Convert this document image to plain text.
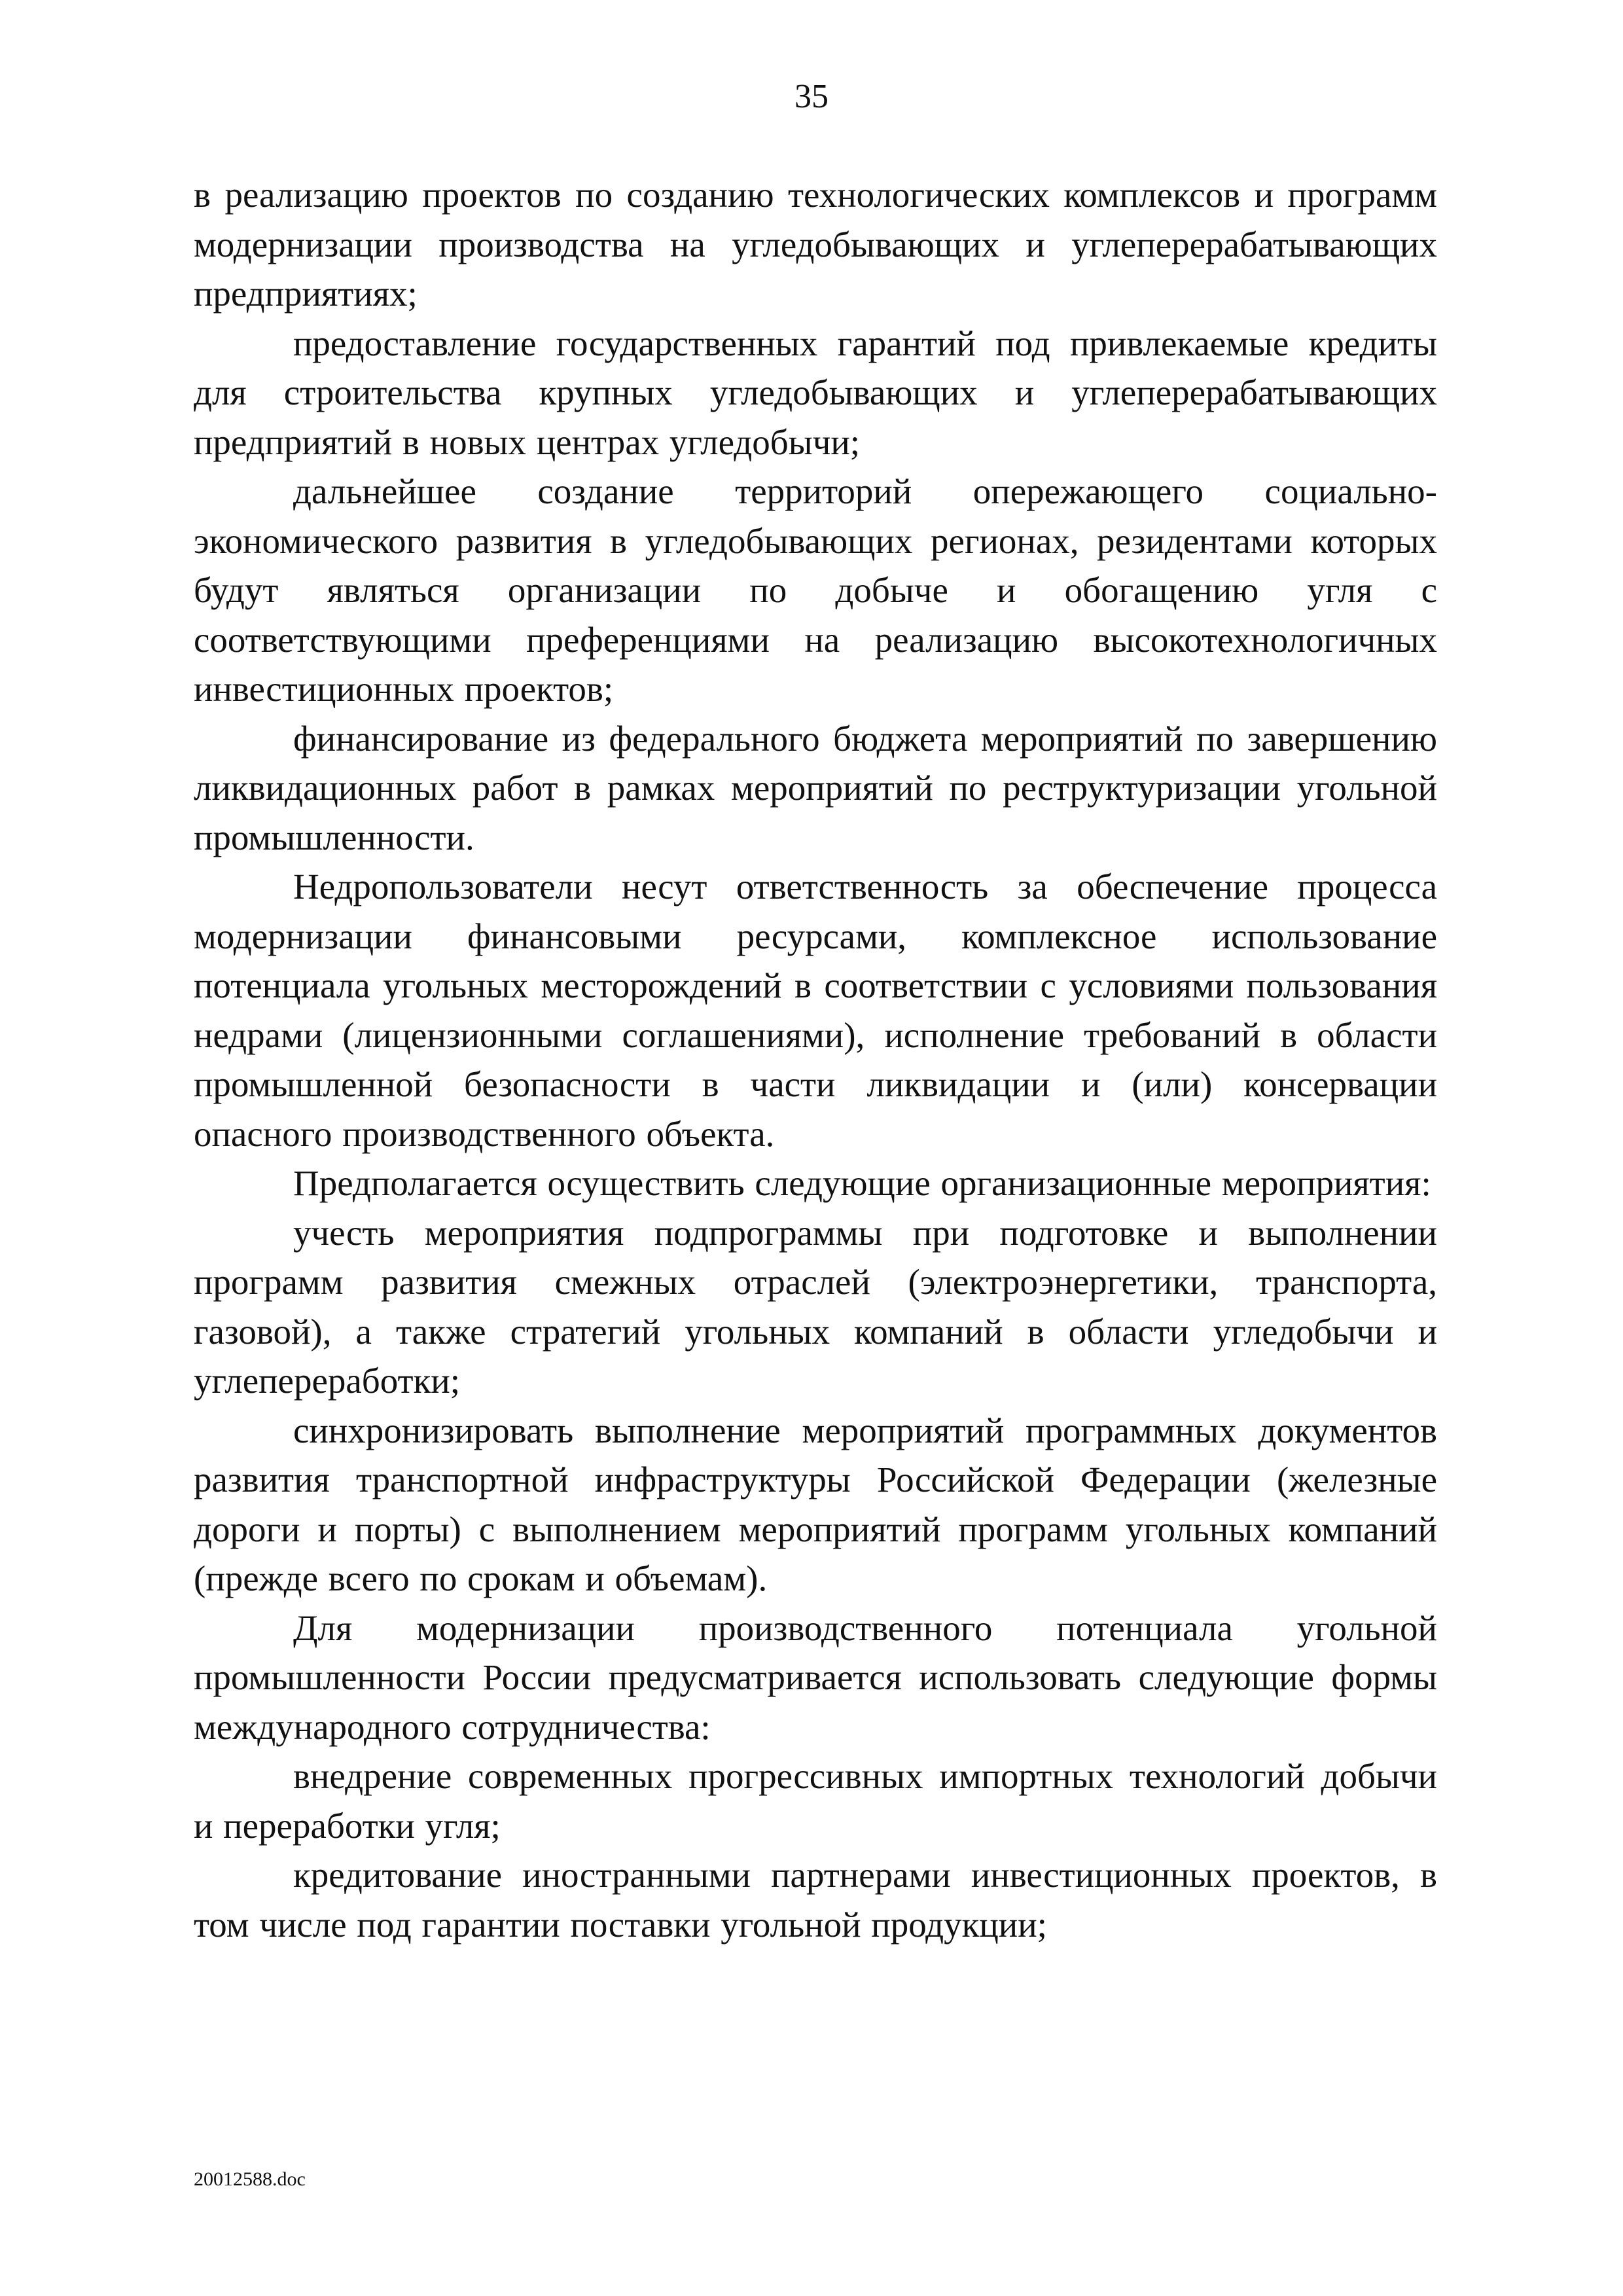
35

в реализацию проектов по созданию технологических комплексов и программ модернизации производства на угледобывающих и углеперерабатывающих предприятиях;

предоставление государственных гарантий под привлекаемые кредиты для строительства крупных угледобывающих и углеперерабатывающих предприятий в новых центрах угледобычи;

дальнейшее создание территорий опережающего социально-экономического развития в угледобывающих регионах, резидентами которых будут являться организации по добыче и обогащению угля с соответствующими преференциями на реализацию высокотехнологичных инвестиционных проектов;

финансирование из федерального бюджета мероприятий по завершению ликвидационных работ в рамках мероприятий по реструктуризации угольной промышленности.

Недропользователи несут ответственность за обеспечение процесса модернизации финансовыми ресурсами, комплексное использование потенциала угольных месторождений в соответствии с условиями пользования недрами (лицензионными соглашениями), исполнение требований в области промышленной безопасности в части ликвидации и (или) консервации опасного производственного объекта.

Предполагается осуществить следующие организационные мероприятия:

учесть мероприятия подпрограммы при подготовке и выполнении программ развития смежных отраслей (электроэнергетики, транспорта, газовой), а также стратегий угольных компаний в области угледобычи и углепереработки;

синхронизировать выполнение мероприятий программных документов развития транспортной инфраструктуры Российской Федерации (железные дороги и порты) с выполнением мероприятий программ угольных компаний (прежде всего по срокам и объемам).

Для модернизации производственного потенциала угольной промышленности России предусматривается использовать следующие формы международного сотрудничества:

внедрение современных прогрессивных импортных технологий добычи и переработки угля;

кредитование иностранными партнерами инвестиционных проектов, в том числе под гарантии поставки угольной продукции;

20012588.doc
